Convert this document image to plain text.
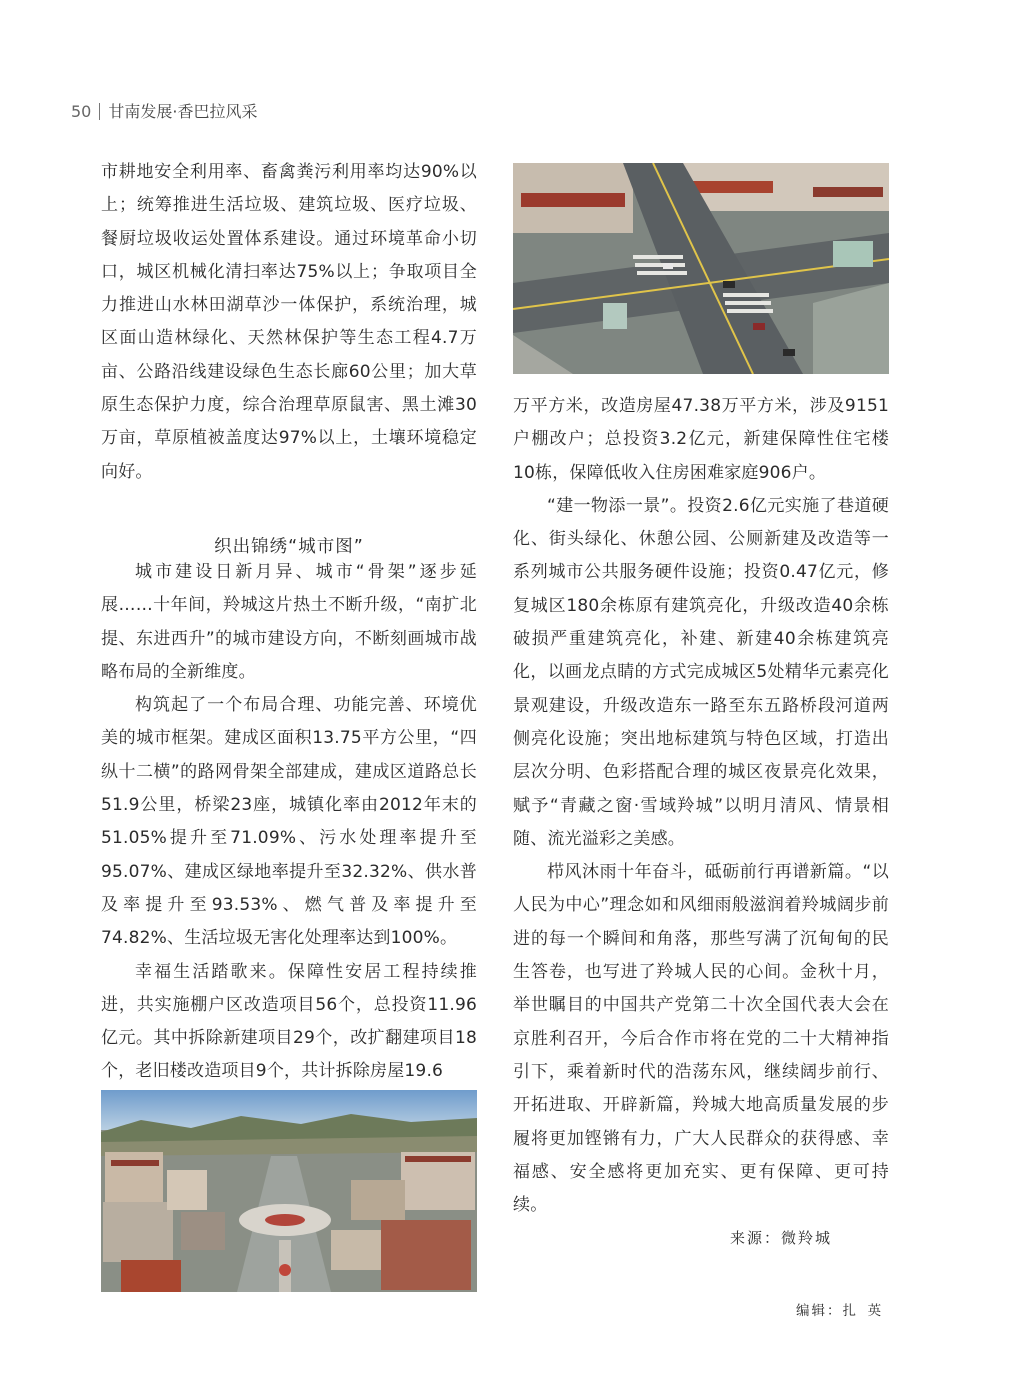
50 甘南发展·香巴拉风采

市耕地安全利用率、畜禽粪污利用率均达90%以上；统筹推进生活垃圾、建筑垃圾、医疗垃圾、餐厨垃圾收运处置体系建设。通过环境革命小切口，城区机械化清扫率达75%以上；争取项目全力推进山水林田湖草沙一体保护，系统治理，城区面山造林绿化、天然林保护等生态工程4.7万亩、公路沿线建设绿色生态长廊60公里；加大草原生态保护力度，综合治理草原鼠害、黑土滩30万亩，草原植被盖度达97%以上，土壤环境稳定向好。

织出锦绣“城市图”

城市建设日新月异、城市“骨架”逐步延展……十年间，羚城这片热土不断升级，“南扩北提、东进西升”的城市建设方向，不断刻画城市战略布局的全新维度。

构筑起了一个布局合理、功能完善、环境优美的城市框架。建成区面积13.75平方公里，“四纵十二横”的路网骨架全部建成，建成区道路总长51.9公里，桥梁23座，城镇化率由2012年末的51.05%提升至71.09%、污水处理率提升至95.07%、建成区绿地率提升至32.32%、供水普及率提升至93.53%、燃气普及率提升至74.82%、生活垃圾无害化处理率达到100%。

幸福生活踏歌来。保障性安居工程持续推进，共实施棚户区改造项目56个，总投资11.96亿元。其中拆除新建项目29个，改扩翻建项目18个，老旧楼改造项目9个，共计拆除房屋19.6

万平方米，改造房屋47.38万平方米，涉及9151户棚改户；总投资3.2亿元，新建保障性住宅楼10栋，保障低收入住房困难家庭906户。

“建一物添一景”。投资2.6亿元实施了巷道硬化、街头绿化、休憩公园、公厕新建及改造等一系列城市公共服务硬件设施；投资0.47亿元，修复城区180余栋原有建筑亮化，升级改造40余栋破损严重建筑亮化，补建、新建40余栋建筑亮化，以画龙点睛的方式完成城区5处精华元素亮化景观建设，升级改造东一路至东五路桥段河道两侧亮化设施；突出地标建筑与特色区域，打造出层次分明、色彩搭配合理的城区夜景亮化效果，赋予“青藏之窗·雪域羚城”以明月清风、情景相随、流光溢彩之美感。

栉风沐雨十年奋斗，砥砺前行再谱新篇。“以人民为中心”理念如和风细雨般滋润着羚城阔步前进的每一个瞬间和角落，那些写满了沉甸甸的民生答卷，也写进了羚城人民的心间。金秋十月，举世瞩目的中国共产党第二十次全国代表大会在京胜利召开，今后合作市将在党的二十大精神指引下，乘着新时代的浩荡东风，继续阔步前行、开拓进取、开辟新篇，羚城大地高质量发展的步履将更加铿锵有力，广大人民群众的获得感、幸福感、安全感将更加充实、更有保障、更可持续。

来源：微羚城
编辑：扎  英
